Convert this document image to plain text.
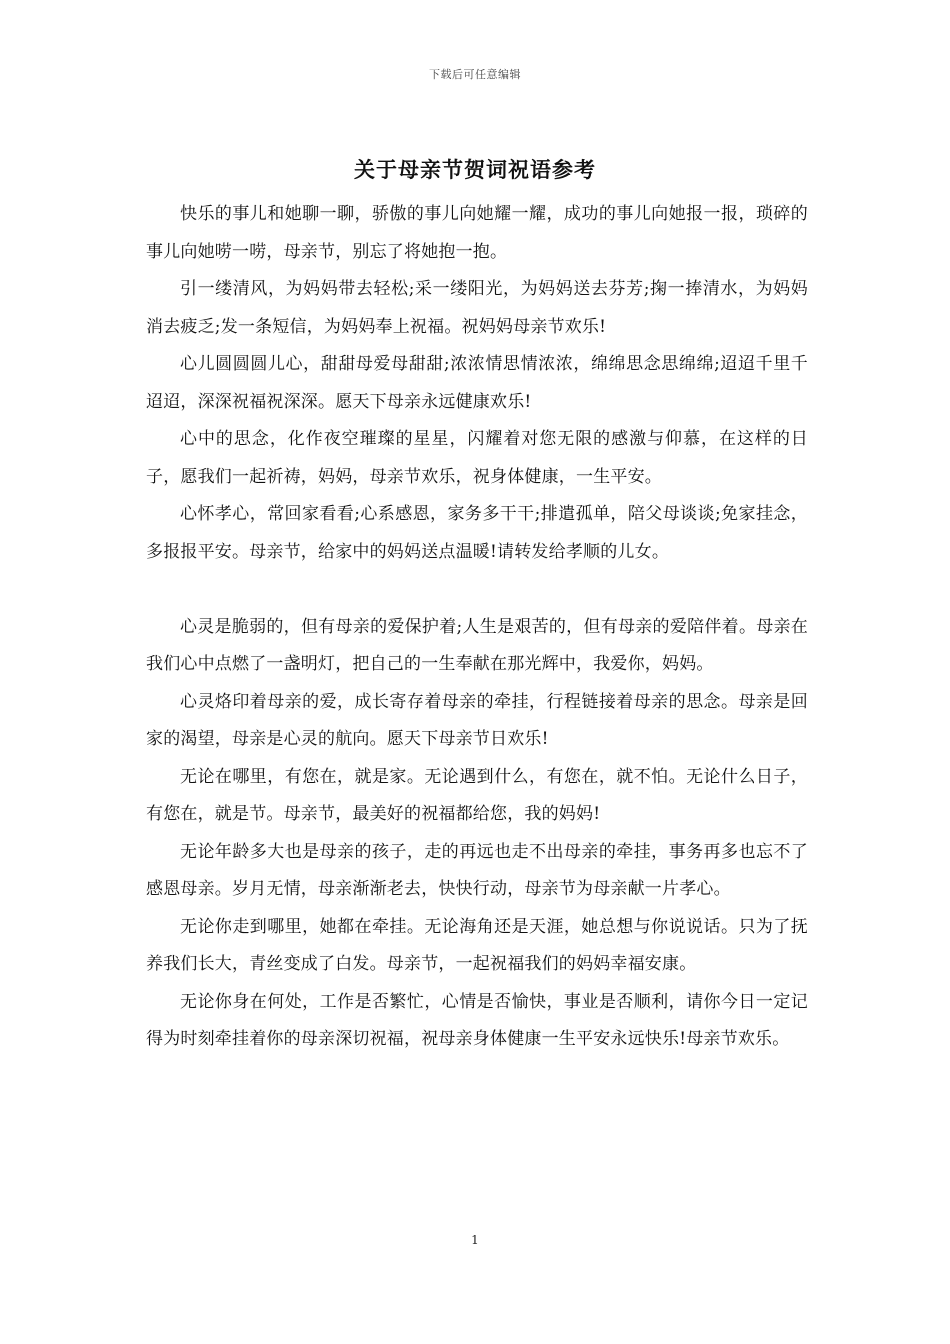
下载后可任意编辑
关于母亲节贺词祝语参考

快乐的事儿和她聊一聊，骄傲的事儿向她耀一耀，成功的事儿向她报一报，琐碎的事儿向她唠一唠，母亲节，别忘了将她抱一抱。

引一缕清风，为妈妈带去轻松;采一缕阳光，为妈妈送去芬芳;掬一捧清水，为妈妈消去疲乏;发一条短信，为妈妈奉上祝福。祝妈妈母亲节欢乐!

心儿圆圆圆儿心，甜甜母爱母甜甜;浓浓情思情浓浓，绵绵思念思绵绵;迢迢千里千迢迢，深深祝福祝深深。愿天下母亲永远健康欢乐!

心中的思念，化作夜空璀璨的星星，闪耀着对您无限的感激与仰慕，在这样的日子，愿我们一起祈祷，妈妈，母亲节欢乐，祝身体健康，一生平安。

心怀孝心，常回家看看;心系感恩，家务多干干;排遣孤单，陪父母谈谈;免家挂念，多报报平安。母亲节，给家中的妈妈送点温暖!请转发给孝顺的儿女。

心灵是脆弱的，但有母亲的爱保护着;人生是艰苦的，但有母亲的爱陪伴着。母亲在我们心中点燃了一盏明灯，把自己的一生奉献在那光辉中，我爱你，妈妈。

心灵烙印着母亲的爱，成长寄存着母亲的牵挂，行程链接着母亲的思念。母亲是回家的渴望，母亲是心灵的航向。愿天下母亲节日欢乐!

无论在哪里，有您在，就是家。无论遇到什么，有您在，就不怕。无论什么日子，有您在，就是节。母亲节，最美好的祝福都给您，我的妈妈!

无论年龄多大也是母亲的孩子，走的再远也走不出母亲的牵挂，事务再多也忘不了感恩母亲。岁月无情，母亲渐渐老去，快快行动，母亲节为母亲献一片孝心。

无论你走到哪里，她都在牵挂。无论海角还是天涯，她总想与你说说话。只为了抚养我们长大，青丝变成了白发。母亲节，一起祝福我们的妈妈幸福安康。

无论你身在何处，工作是否繁忙，心情是否愉快，事业是否顺利，请你今日一定记得为时刻牵挂着你的母亲深切祝福，祝母亲身体健康一生平安永远快乐!母亲节欢乐。

1
